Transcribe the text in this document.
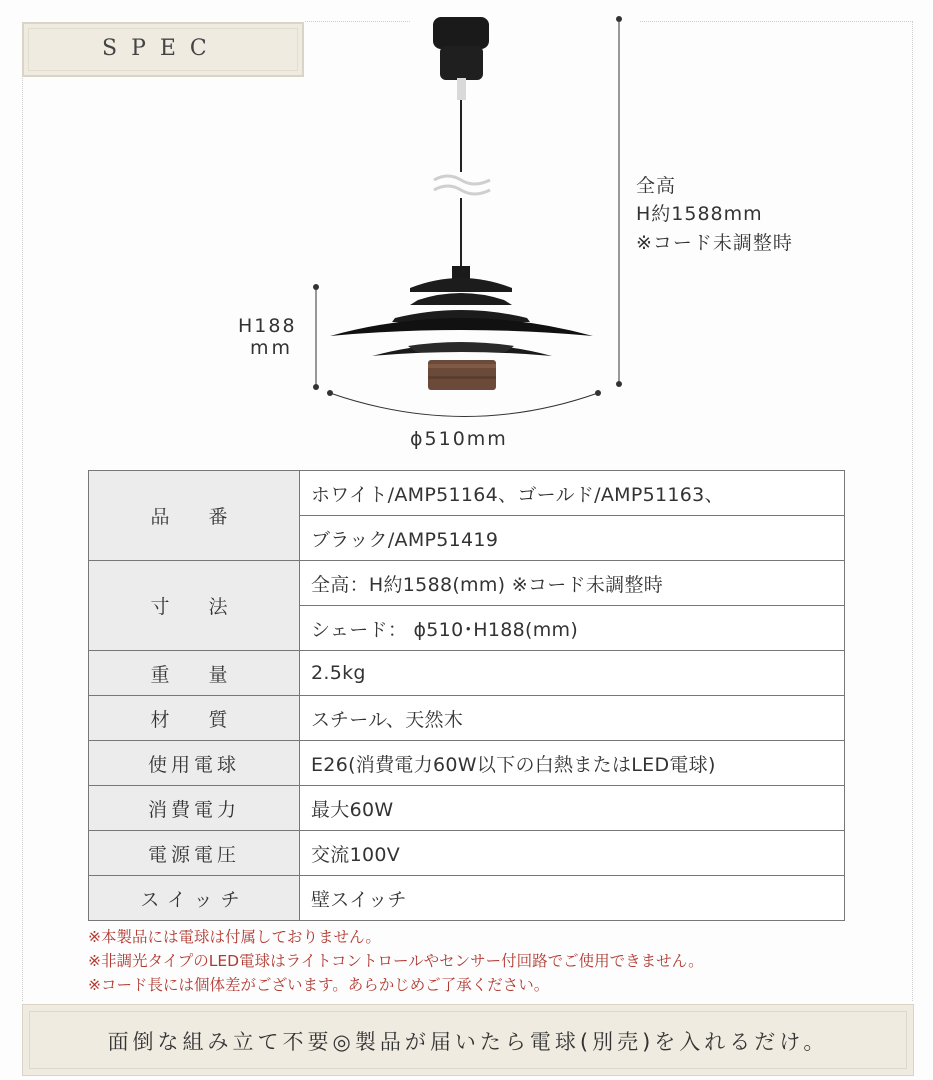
SPEC
全高
H約1588mm
※コード未調整時
H188
mm
ϕ510mm
品　番	ホワイト/AMP51164、ゴールド/AMP51163、
	ブラック/AMP51419
寸　法	全高：H約1588(mm) ※コード未調整時
	シェード： ϕ510･H188(mm)
重　量	2.5kg
材　質	スチール、天然木
使用電球	E26(消費電力60W以下の白熱またはLED電球)
消費電力	最大60W
電源電圧	交流100V
スイッチ	壁スイッチ
※本製品には電球は付属しておりません。
※非調光タイプのLED電球はライトコントロールやセンサー付回路でご使用できません。
※コード長には個体差がございます。あらかじめご了承ください。
面倒な組み立て不要◎製品が届いたら電球(別売)を入れるだけ。
